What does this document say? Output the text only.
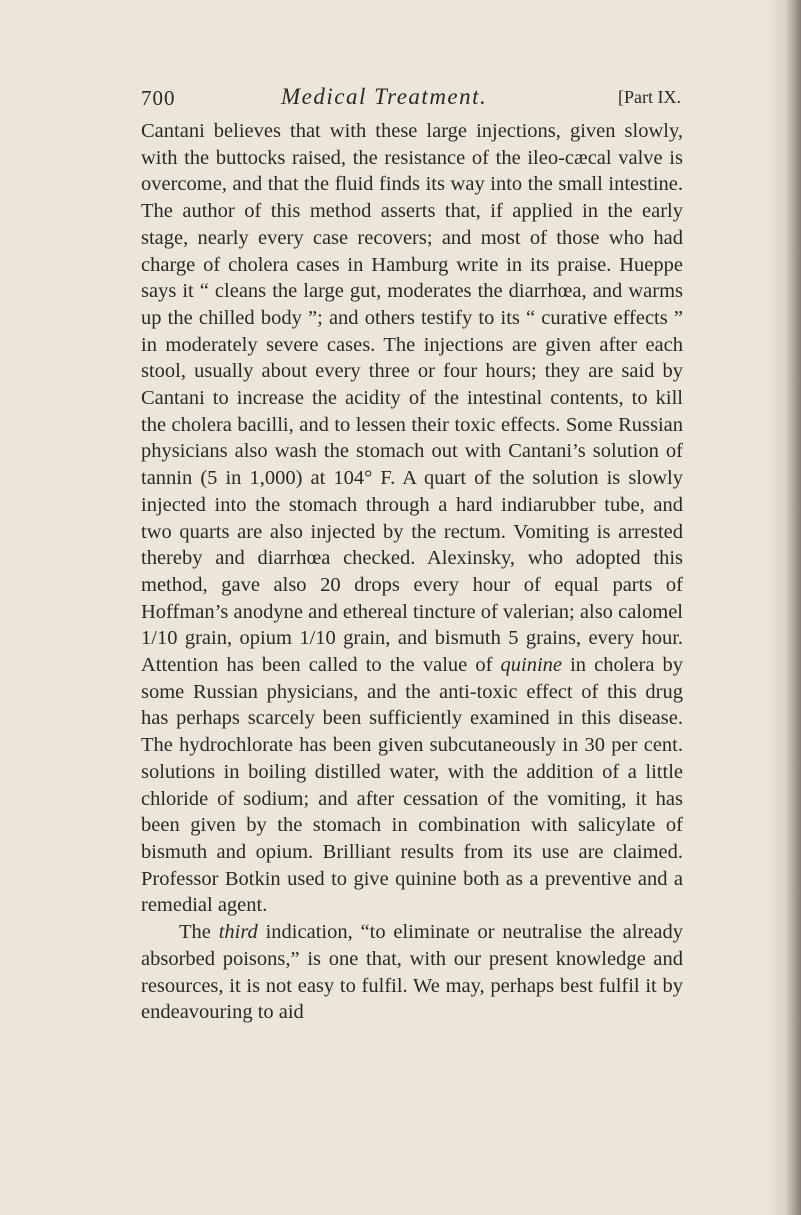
700	Medical Treatment.	[Part IX.

Cantani believes that with these large injections, given slowly, with the buttocks raised, the resistance of the ileo-cæcal valve is overcome, and that the fluid finds its way into the small intestine. The author of this method asserts that, if applied in the early stage, nearly every case recovers; and most of those who had charge of cholera cases in Hamburg write in its praise. Hueppe says it “ cleans the large gut, moderates the diarrhœa, and warms up the chilled body ”; and others testify to its “ curative effects ” in moderately severe cases. The injections are given after each stool, usually about every three or four hours; they are said by Cantani to increase the acidity of the intestinal contents, to kill the cholera bacilli, and to lessen their toxic effects. Some Russian physicians also wash the stomach out with Cantani’s solution of tannin (5 in 1,000) at 104° F. A quart of the solution is slowly injected into the stomach through a hard indiarubber tube, and two quarts are also injected by the rectum. Vomiting is arrested thereby and diarrhœa checked. Alexinsky, who adopted this method, gave also 20 drops every hour of equal parts of Hoffman’s anodyne and ethereal tincture of valerian; also calomel 1/10 grain, opium 1/10 grain, and bismuth 5 grains, every hour. Attention has been called to the value of quinine in cholera by some Russian physicians, and the anti-toxic effect of this drug has perhaps scarcely been sufficiently examined in this disease. The hydrochlorate has been given subcutaneously in 30 per cent. solutions in boiling distilled water, with the addition of a little chloride of sodium; and after cessation of the vomiting, it has been given by the stomach in combination with salicylate of bismuth and opium. Brilliant results from its use are claimed. Professor Botkin used to give quinine both as a preventive and a remedial agent.

The third indication, “to eliminate or neutralise the already absorbed poisons,” is one that, with our present knowledge and resources, it is not easy to fulfil. We may, perhaps best fulfil it by endeavouring to aid
